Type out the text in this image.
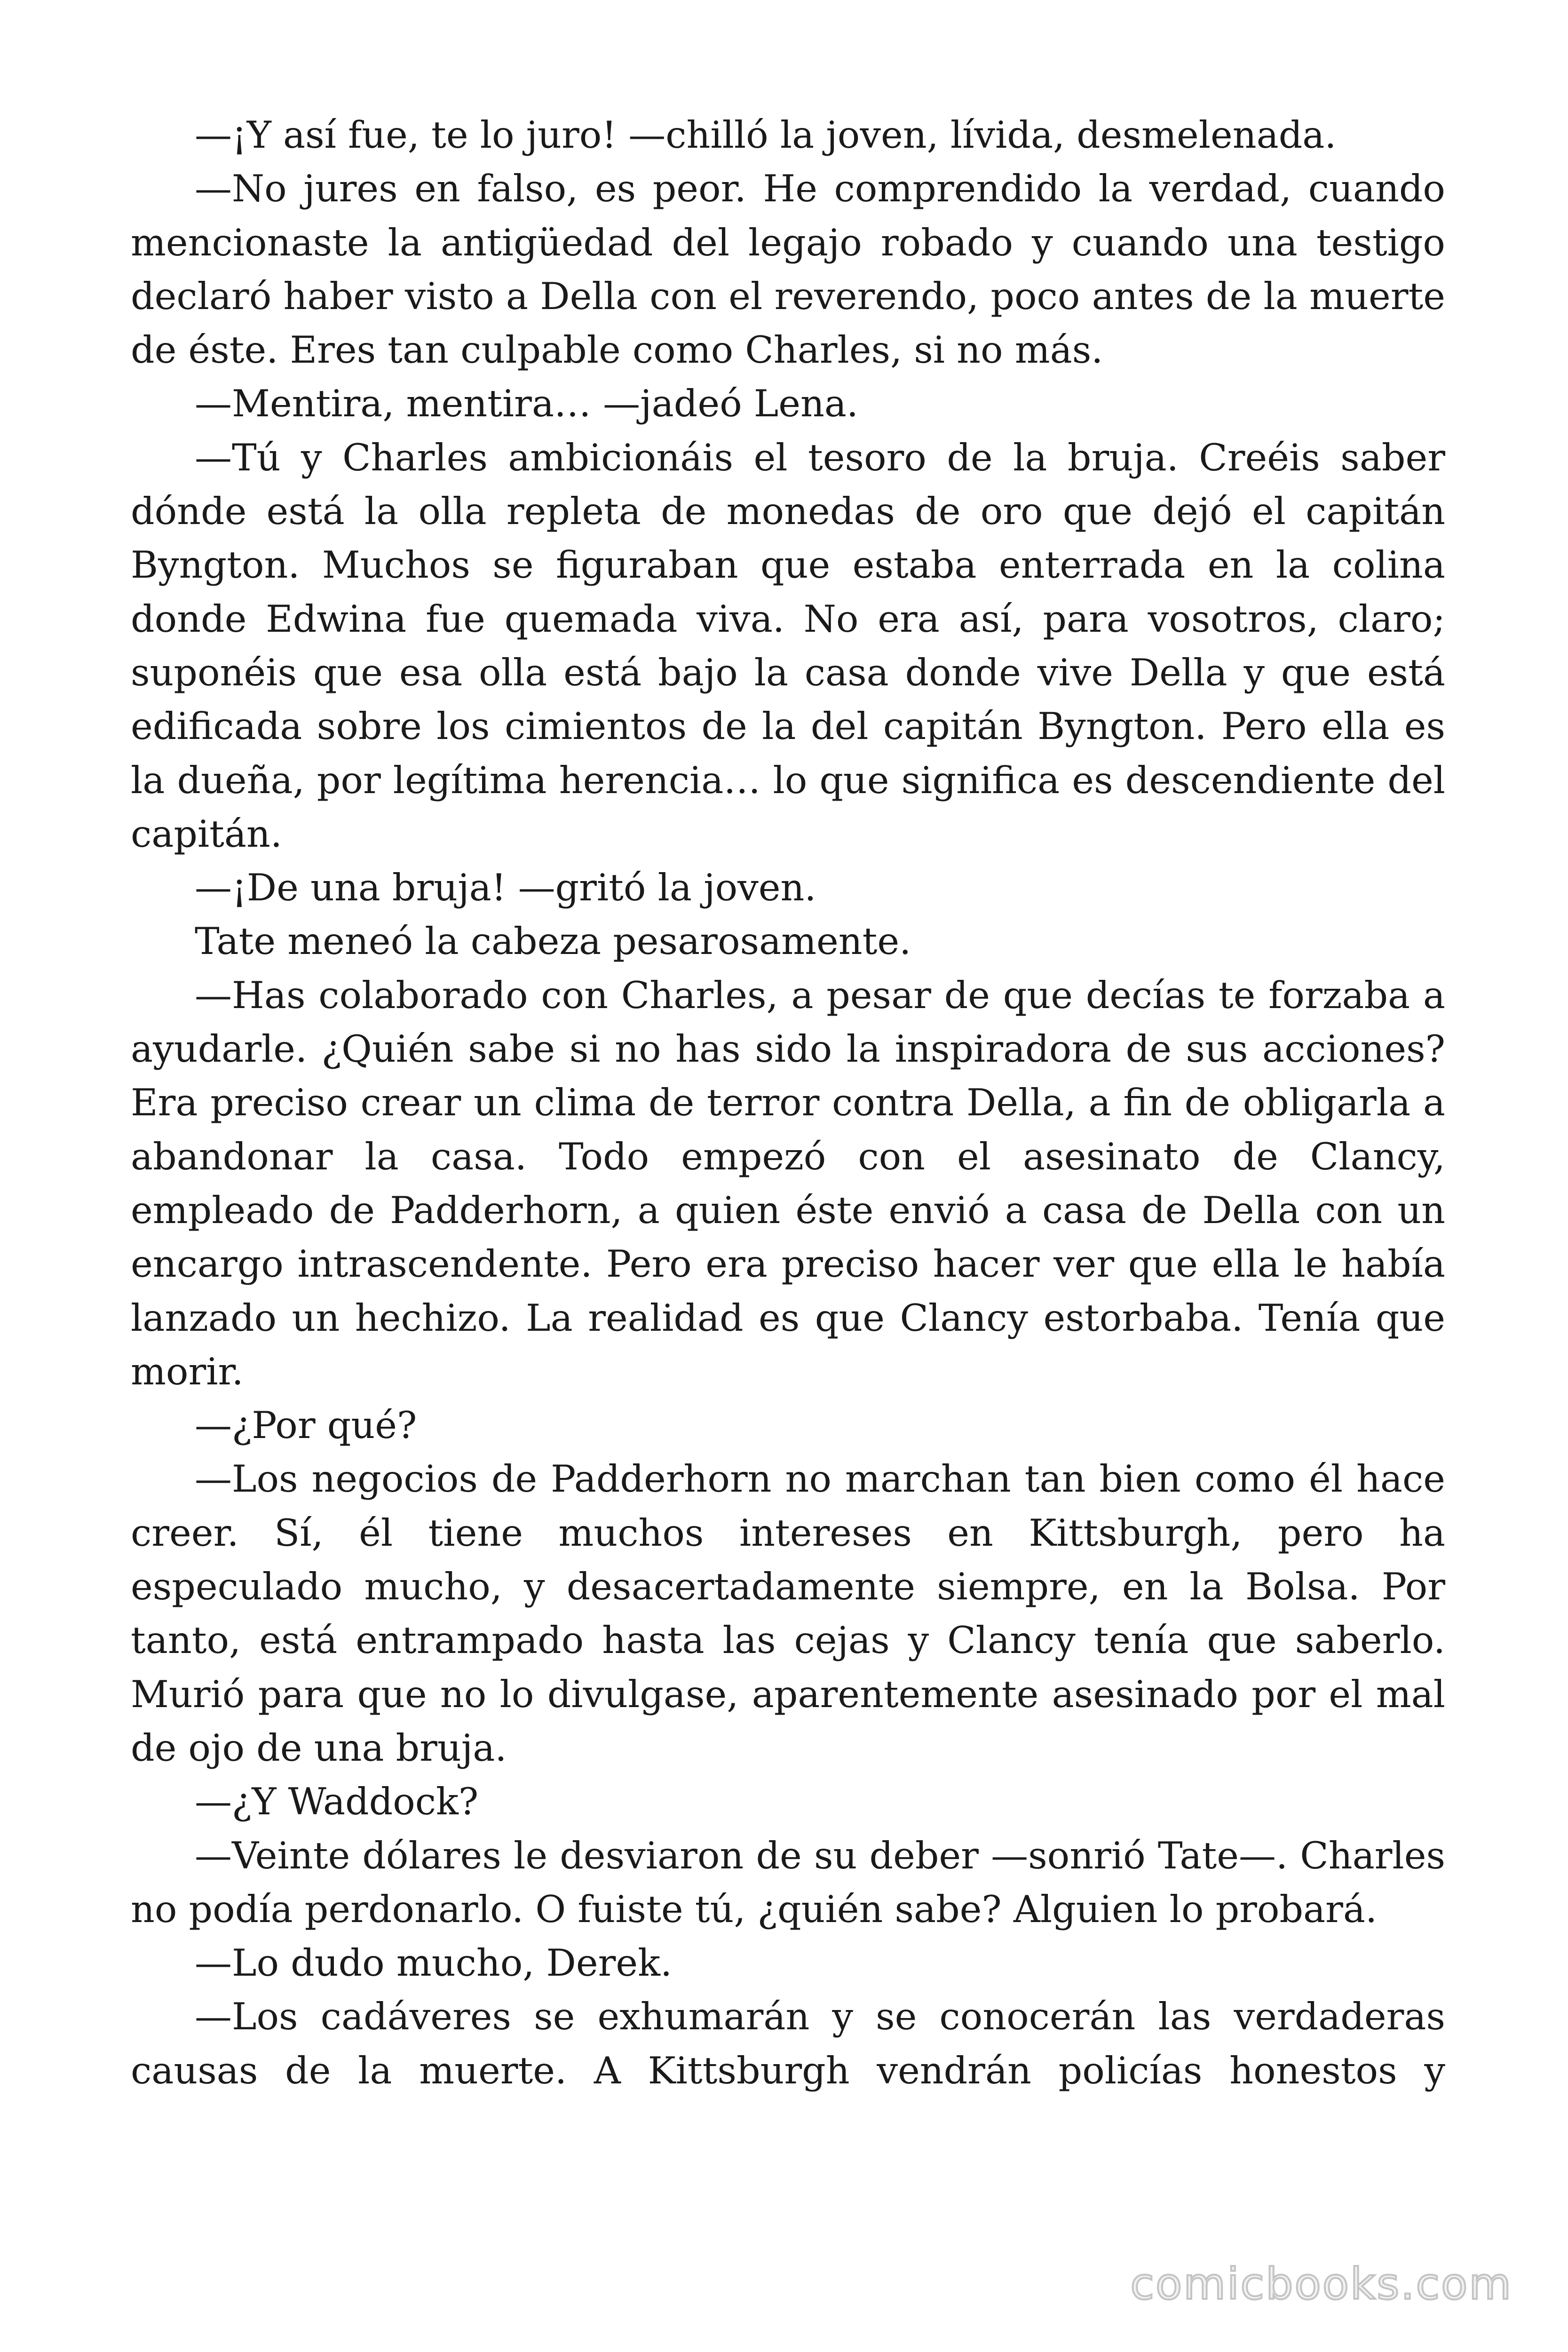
—¡Y así fue, te lo juro! —chilló la joven, lívida, desmelenada.

—No jures en falso, es peor. He comprendido la verdad, cuando mencionaste la antigüedad del legajo robado y cuando una testigo declaró haber visto a Della con el reverendo, poco antes de la muerte de éste. Eres tan culpable como Charles, si no más.

—Mentira, mentira… —jadeó Lena.

—Tú y Charles ambicionáis el tesoro de la bruja. Creéis saber dónde está la olla repleta de monedas de oro que dejó el capitán Byngton. Muchos se figuraban que estaba enterrada en la colina donde Edwina fue quemada viva. No era así, para vosotros, claro; suponéis que esa olla está bajo la casa donde vive Della y que está edificada sobre los cimientos de la del capitán Byngton. Pero ella es la dueña, por legítima herencia… lo que significa es descendiente del capitán.

—¡De una bruja! —gritó la joven.

Tate meneó la cabeza pesarosamente.

—Has colaborado con Charles, a pesar de que decías te forzaba a ayudarle. ¿Quién sabe si no has sido la inspiradora de sus acciones? Era preciso crear un clima de terror contra Della, a fin de obligarla a abandonar la casa. Todo empezó con el asesinato de Clancy, empleado de Padderhorn, a quien éste envió a casa de Della con un encargo intrascendente. Pero era preciso hacer ver que ella le había lanzado un hechizo. La realidad es que Clancy estorbaba. Tenía que morir.

—¿Por qué?

—Los negocios de Padderhorn no marchan tan bien como él hace creer. Sí, él tiene muchos intereses en Kittsburgh, pero ha especulado mucho, y desacertadamente siempre, en la Bolsa. Por tanto, está entrampado hasta las cejas y Clancy tenía que saberlo. Murió para que no lo divulgase, aparentemente asesinado por el mal de ojo de una bruja.

—¿Y Waddock?

—Veinte dólares le desviaron de su deber —sonrió Tate—. Charles no podía perdonarlo. O fuiste tú, ¿quién sabe? Alguien lo probará.

—Lo dudo mucho, Derek.

—Los cadáveres se exhumarán y se conocerán las verdaderas causas de la muerte. A Kittsburgh vendrán policías honestos y

comicbooks.com
